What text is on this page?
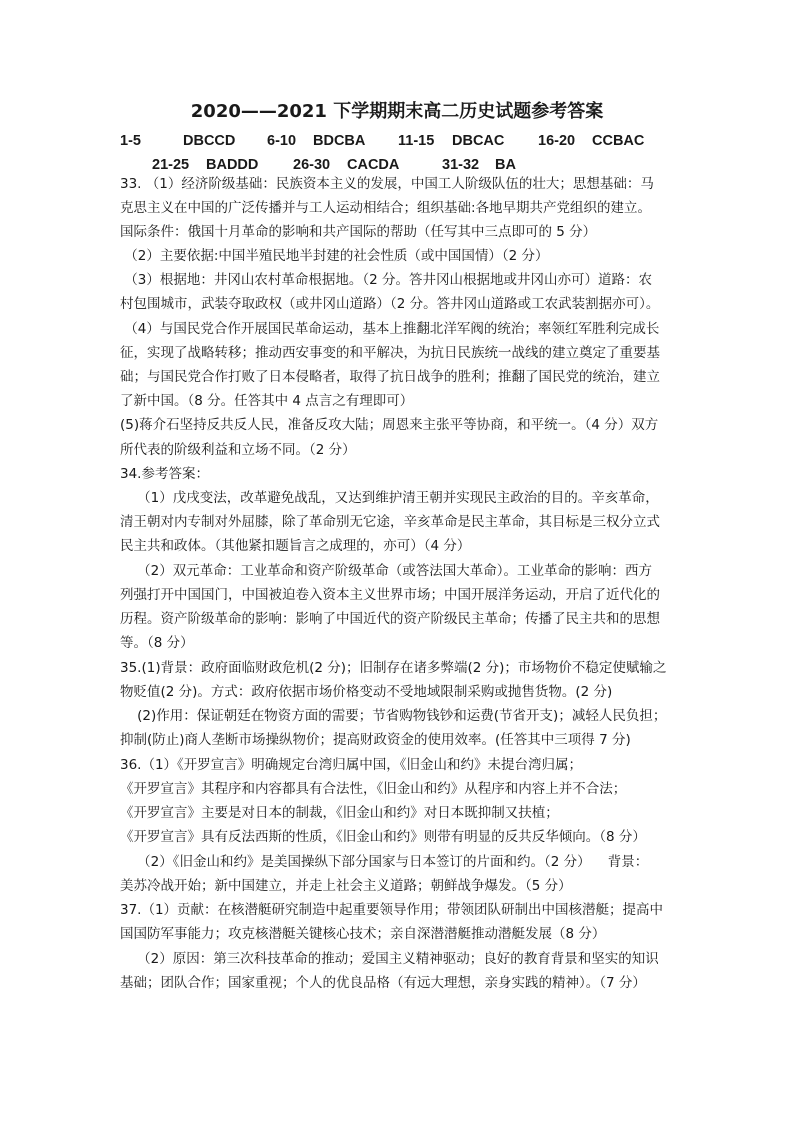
2020——2021 下学期期末高二历史试题参考答案
1-5	DBCCD 6-10 BDCBA 11-15 DBCAC 16-20 CCBAC
21-25 BADDD 26-30 CACDA	31-32 BA
33. （1）经济阶级基础：民族资本主义的发展，中国工人阶级队伍的壮大；思想基础：马
克思主义在中国的广泛传播并与工人运动相结合；组织基础:各地早期共产党组织的建立。
国际条件：俄国十月革命的影响和共产国际的帮助（任写其中三点即可的 5 分）
（2）主要依据:中国半殖民地半封建的社会性质（或中国国情）（2 分）
（3）根据地：井冈山农村革命根据地。（2 分。答井冈山根据地或井冈山亦可）道路：农
村包围城市，武装夺取政权（或井冈山道路）（2 分。答井冈山道路或工农武装割据亦可）。
（4）与国民党合作开展国民革命运动，基本上推翻北洋军阀的统治；率领红军胜利完成长
征，实现了战略转移；推动西安事变的和平解决，为抗日民族统一战线的建立奠定了重要基
础；与国民党合作打败了日本侵略者，取得了抗日战争的胜利；推翻了国民党的统治，建立
了新中国。（8 分。任答其中 4 点言之有理即可）
(5)蒋介石坚持反共反人民，准备反攻大陆；周恩来主张平等协商，和平统一。（4 分）双方
所代表的阶级利益和立场不同。（2 分）
34.参考答案：
（1）戊戌变法，改革避免战乱，又达到维护清王朝并实现民主政治的目的。辛亥革命，
清王朝对内专制对外屈膝，除了革命别无它途，辛亥革命是民主革命，其目标是三权分立式
民主共和政体。（其他紧扣题旨言之成理的，亦可）（4 分）
（2）双元革命：工业革命和资产阶级革命（或答法国大革命）。工业革命的影响：西方
列强打开中国国门，中国被迫卷入资本主义世界市场；中国开展洋务运动，开启了近代化的
历程。资产阶级革命的影响：影响了中国近代的资产阶级民主革命；传播了民主共和的思想
等。（8 分）
35.(1)背景：政府面临财政危机(2 分)；旧制存在诸多弊端(2 分)；市场物价不稳定使赋输之
物贬值(2 分)。方式：政府依据市场价格变动不受地域限制采购或抛售货物。(2 分)
(2)作用：保证朝廷在物资方面的需要；节省购物钱钞和运费(节省开支)；减轻人民负担；
抑制(防止)商人垄断市场操纵物价；提高财政资金的使用效率。(任答其中三项得 7 分)
36.（1）《开罗宣言》明确规定台湾归属中国，《旧金山和约》未提台湾归属；
《开罗宣言》其程序和内容都具有合法性，《旧金山和约》从程序和内容上并不合法；
《开罗宣言》主要是对日本的制裁，《旧金山和约》对日本既抑制又扶植；
《开罗宣言》具有反法西斯的性质，《旧金山和约》则带有明显的反共反华倾向。（8 分）
（2）《旧金山和约》是美国操纵下部分国家与日本签订的片面和约。（2 分）    背景：
美苏冷战开始；新中国建立，并走上社会主义道路；朝鲜战争爆发。（5 分）
37.（1）贡献：在核潜艇研究制造中起重要领导作用；带领团队研制出中国核潜艇；提高中
国国防军事能力；攻克核潜艇关键核心技术；亲自深潜潜艇推动潜艇发展（8 分）
（2）原因：第三次科技革命的推动；爱国主义精神驱动；良好的教育背景和坚实的知识
基础；团队合作；国家重视；个人的优良品格（有远大理想，亲身实践的精神）。（7 分）
